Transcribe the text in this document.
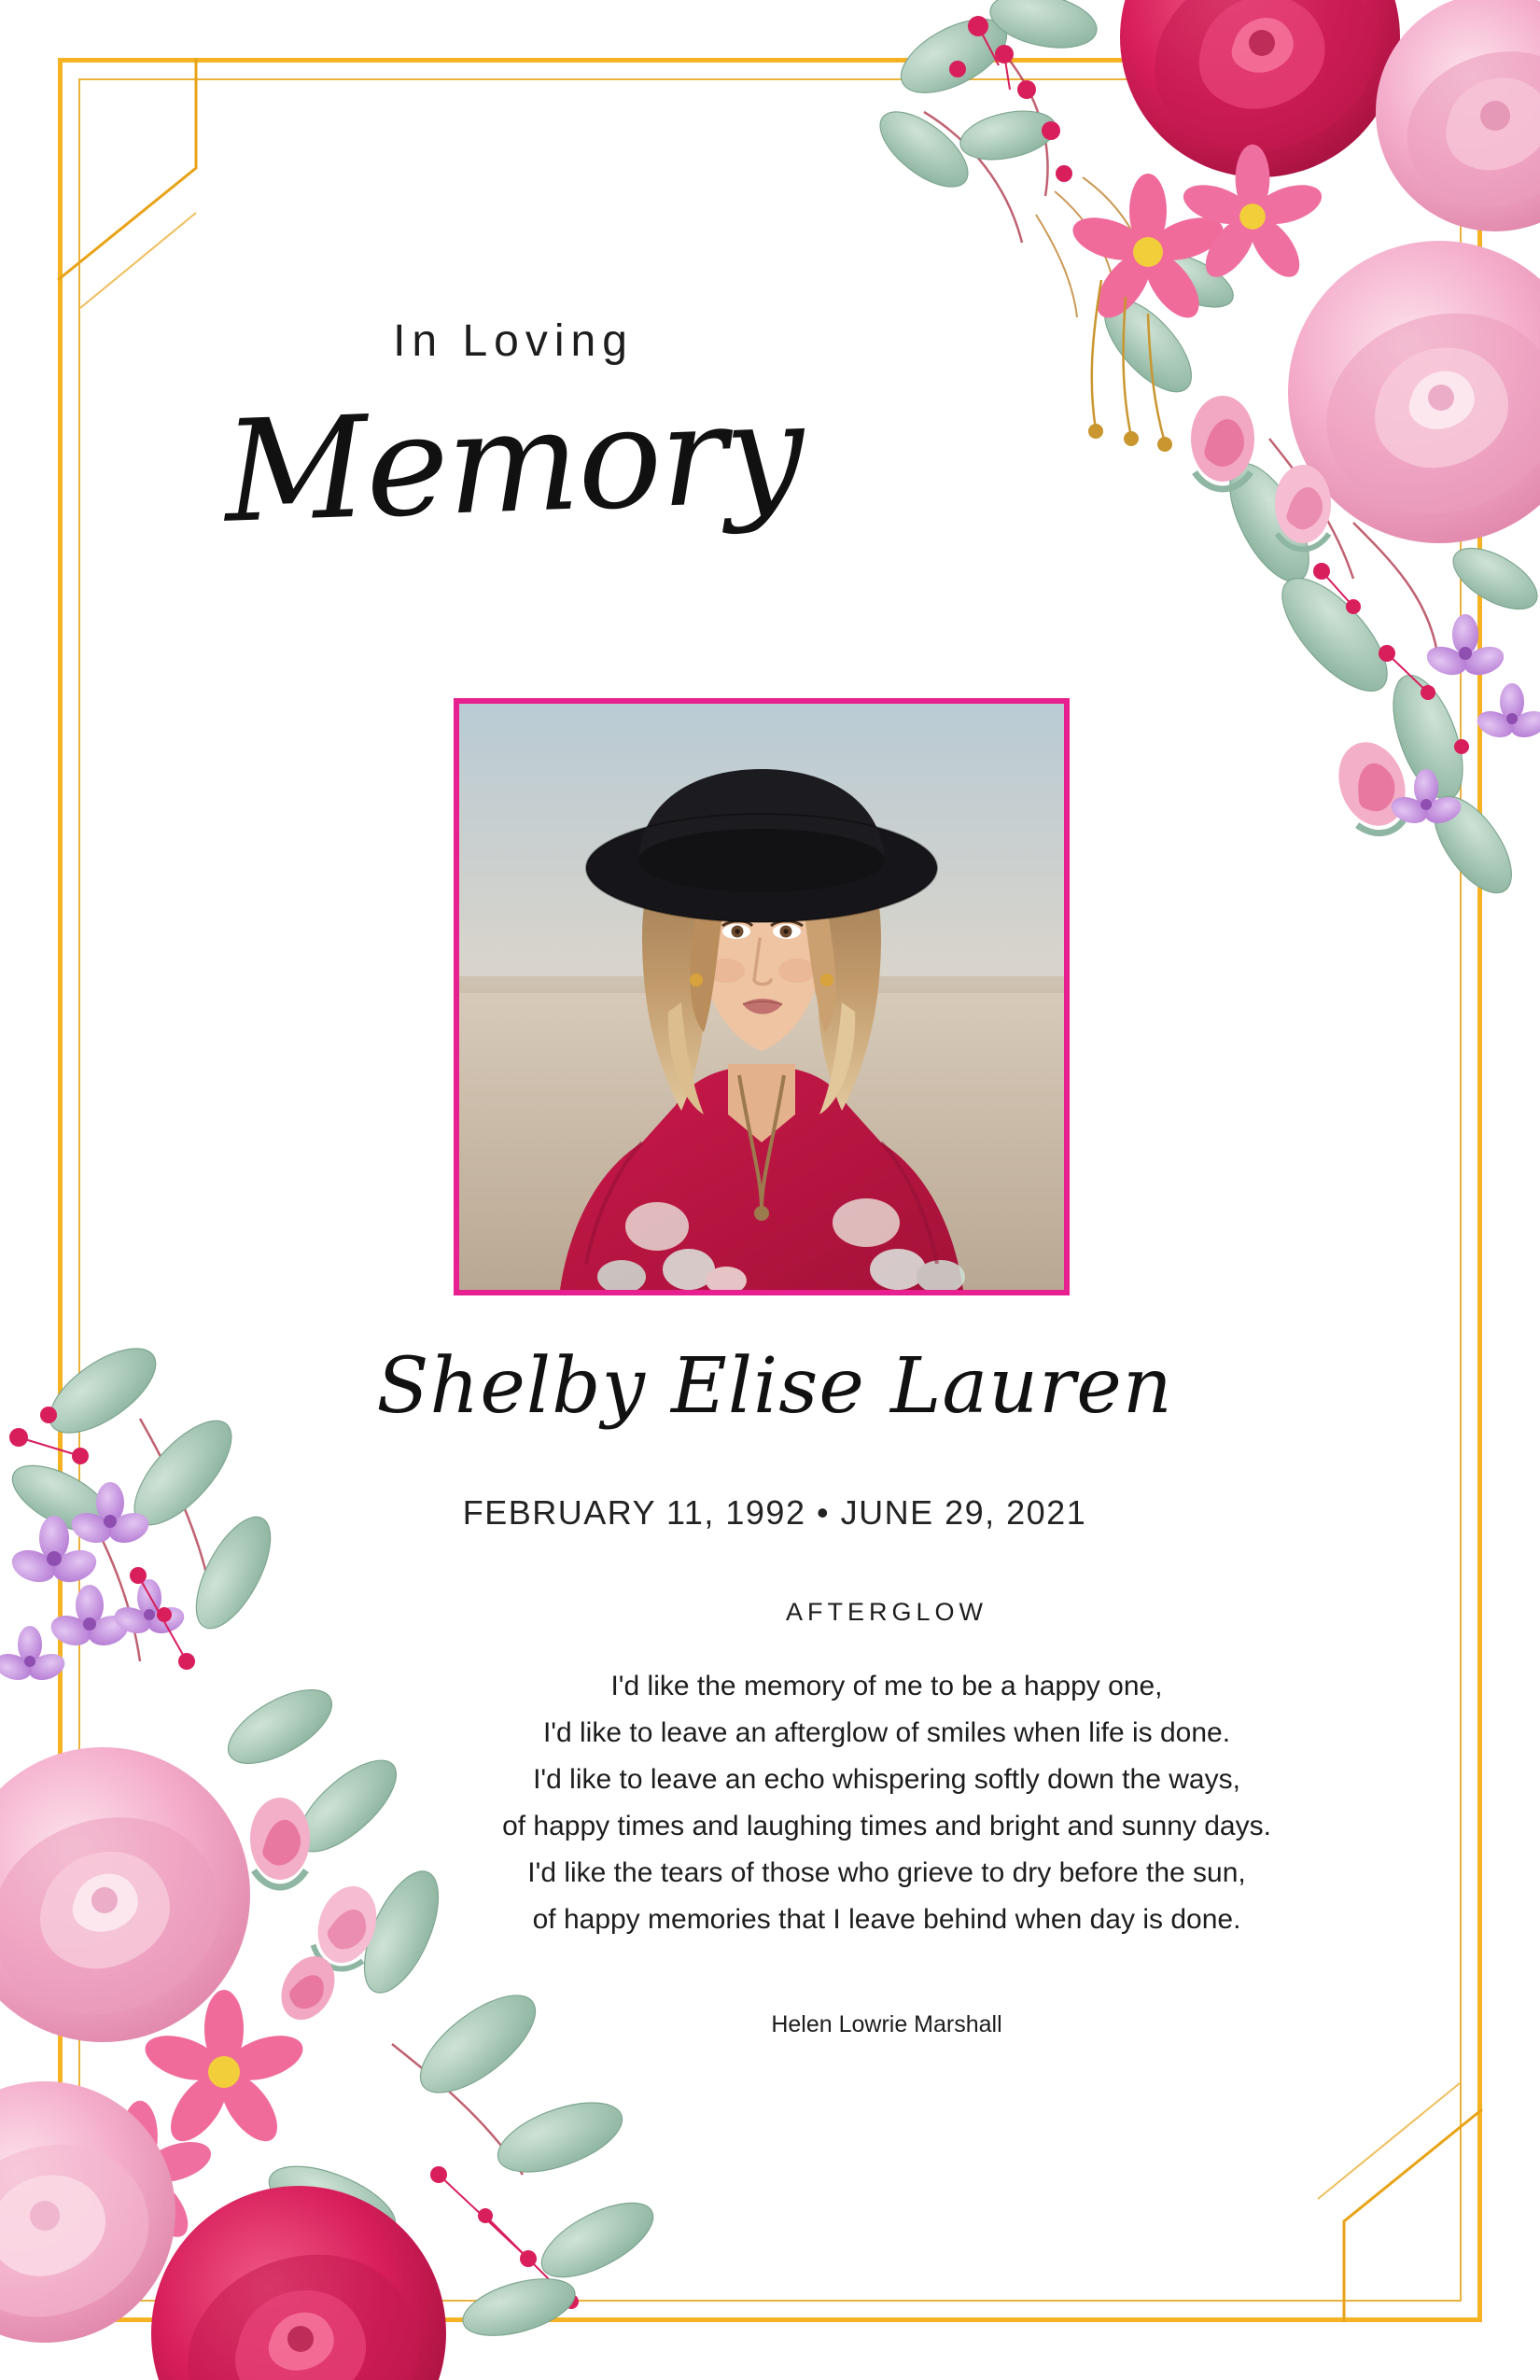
In Loving
Memory
Shelby Elise Lauren
FEBRUARY 11, 1992 • JUNE 29, 2021
AFTERGLOW
I'd like the memory of me to be a happy one,
I'd like to leave an afterglow of smiles when life is done.
I'd like to leave an echo whispering softly down the ways,
of happy times and laughing times and bright and sunny days.
I'd like the tears of those who grieve to dry before the sun,
of happy memories that I leave behind when day is done.
Helen Lowrie Marshall
